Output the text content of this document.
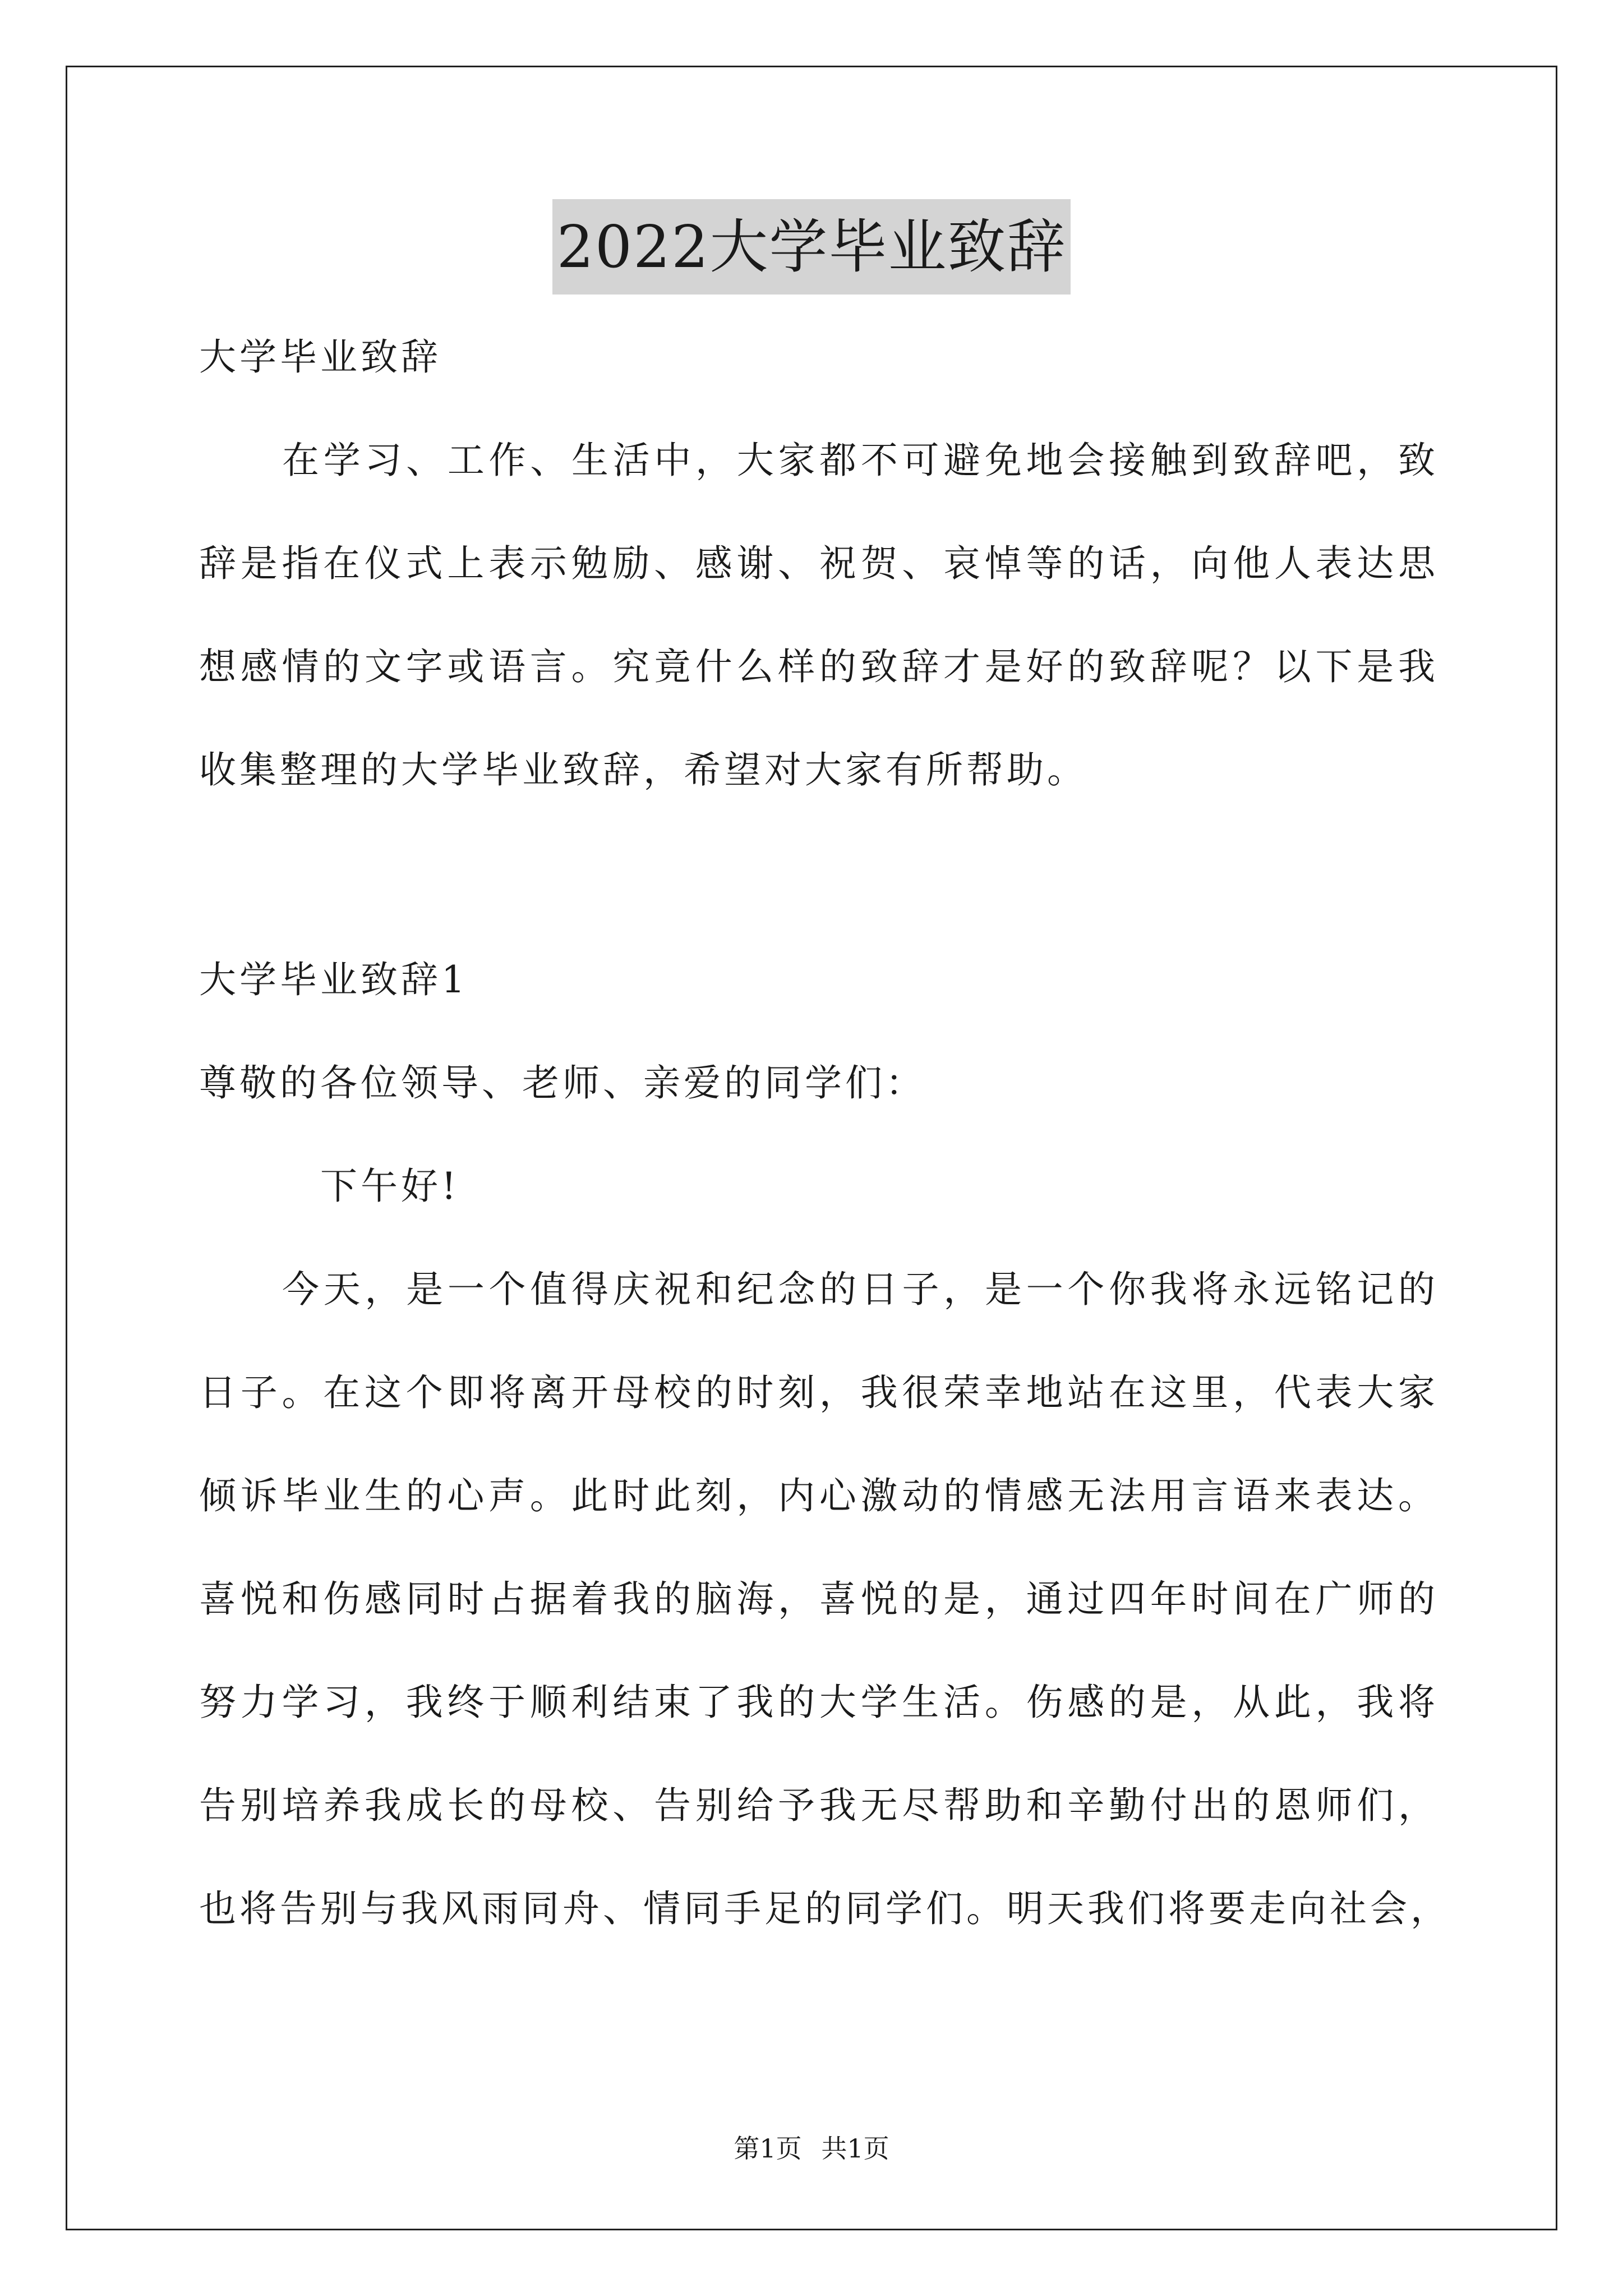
2022大学毕业致辞
大学毕业致辞
在学习、工作、生活中，大家都不可避免地会接触到致辞吧，致
辞是指在仪式上表示勉励、感谢、祝贺、哀悼等的话，向他人表达思
想感情的文字或语言。究竟什么样的致辞才是好的致辞呢？以下是我
收集整理的大学毕业致辞，希望对大家有所帮助。
大学毕业致辞1
尊敬的各位领导、老师、亲爱的同学们：
下午好!
今天，是一个值得庆祝和纪念的日子，是一个你我将永远铭记的
日子。在这个即将离开母校的时刻，我很荣幸地站在这里，代表大家
倾诉毕业生的心声。此时此刻，内心激动的情感无法用言语来表达。
喜悦和伤感同时占据着我的脑海，喜悦的是，通过四年时间在广师的
努力学习，我终于顺利结束了我的大学生活。伤感的是，从此，我将
告别培养我成长的母校、告别给予我无尽帮助和辛勤付出的恩师们，
也将告别与我风雨同舟、情同手足的同学们。明天我们将要走向社会，
第1页 共1页
